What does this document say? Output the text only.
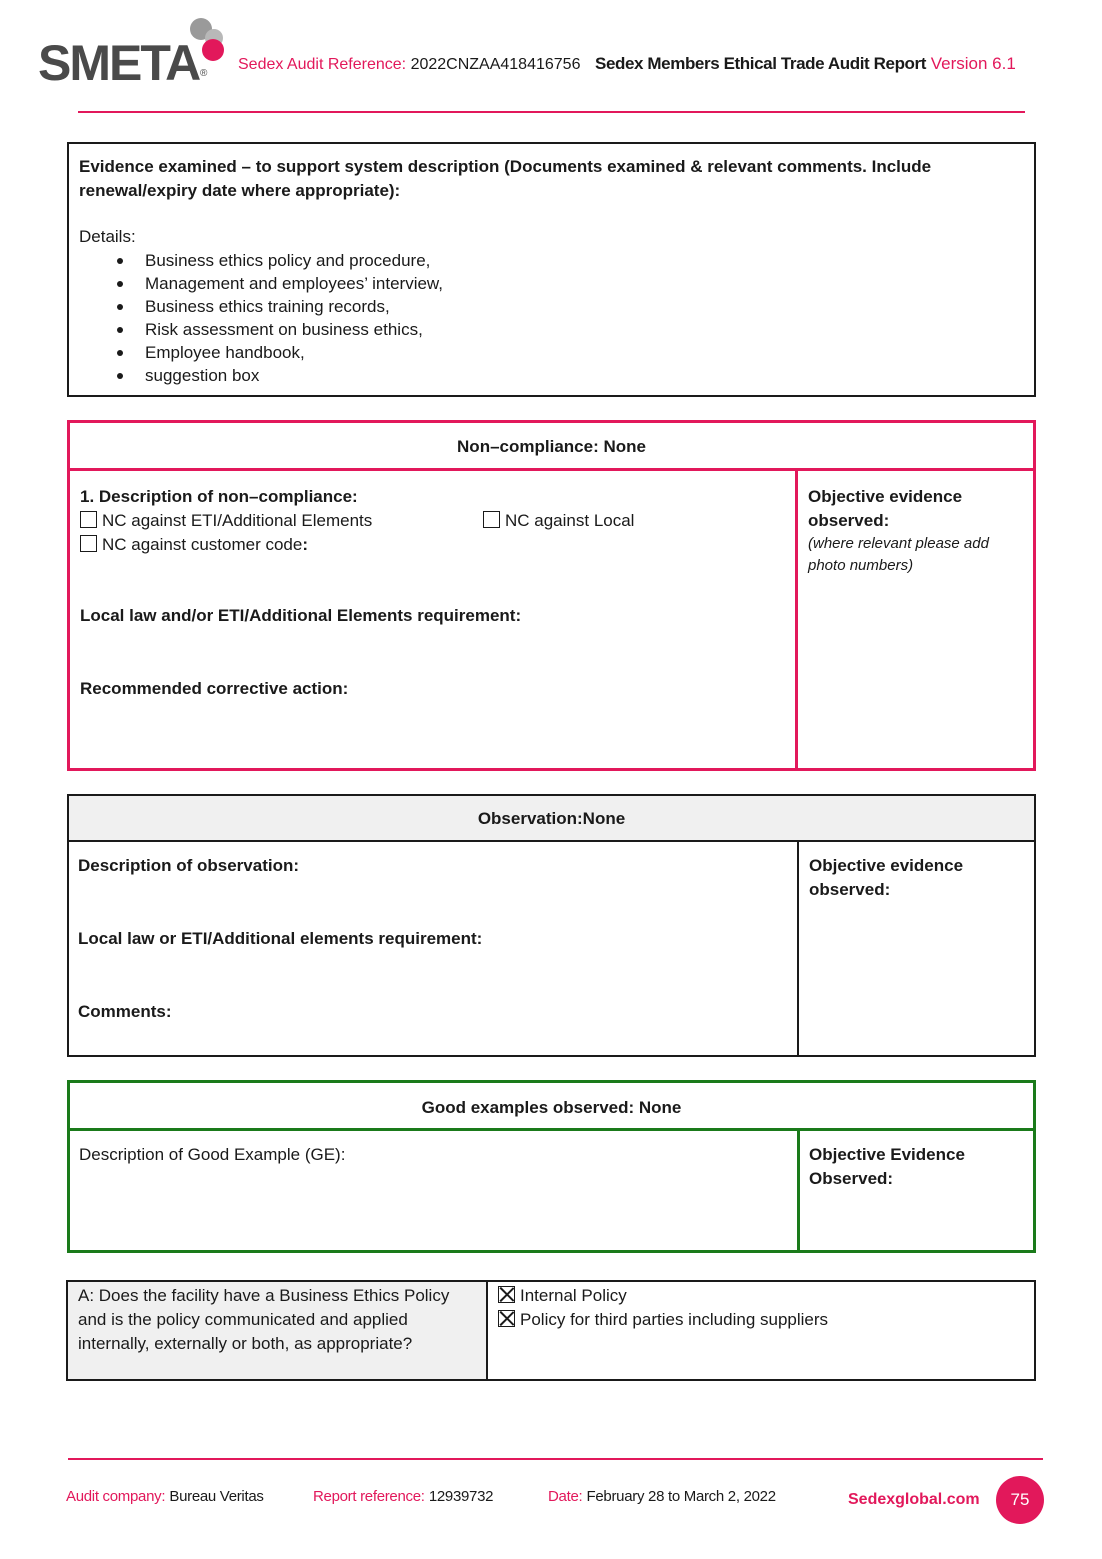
SMETA ®
Sedex Audit Reference: 2022CNZAA418416756 Sedex Members Ethical Trade Audit Report Version 6.1
Evidence examined – to support system description (Documents examined & relevant comments. Include renewal/expiry date where appropriate):
Details:
Business ethics policy and procedure,
Management and employees’ interview,
Business ethics training records,
Risk assessment on business ethics,
Employee handbook,
suggestion box
Non–compliance: None
1. Description of non–compliance:
NC against ETI/Additional Elements	NC against Local
NC against customer code:
Local law and/or ETI/Additional Elements requirement:
Recommended corrective action:
Objective evidence observed:
(where relevant please add photo numbers)
Observation:None
Description of observation:
Local law or ETI/Additional elements requirement:
Comments:
Objective evidence observed:
Good examples observed: None
Description of Good Example (GE):	Objective Evidence Observed:
A: Does the facility have a Business Ethics Policy and is the policy communicated and applied internally, externally or both, as appropriate?
Internal Policy
Policy for third parties including suppliers
Audit company: Bureau Veritas	Report reference: 12939732	Date: February 28 to March 2, 2022	Sedexglobal.com	75
